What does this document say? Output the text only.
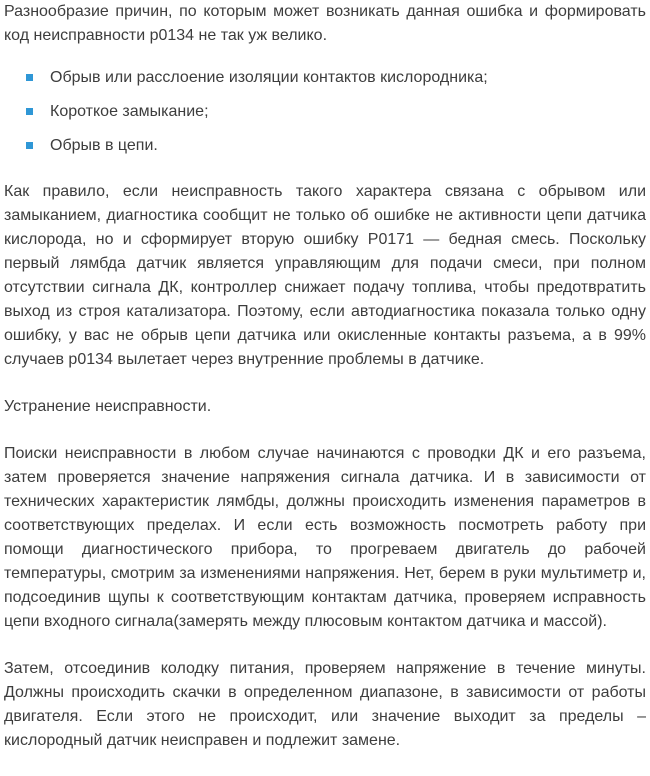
Разнообразие причин, по которым может возникать данная ошибка и формировать код неисправности p0134 не так уж велико.

Обрыв или расслоение изоляции контактов кислородника;
Короткое замыкание;
Обрыв в цепи.

Как правило, если неисправность такого характера связана с обрывом или замыканием, диагностика сообщит не только об ошибке не активности цепи датчика кислорода, но и сформирует вторую ошибку P0171 — бедная смесь. Поскольку первый лямбда датчик является управляющим для подачи смеси, при полном отсутствии сигнала ДК, контроллер снижает подачу топлива, чтобы предотвратить выход из строя катализатора. Поэтому, если автодиагностика показала только одну ошибку, у вас не обрыв цепи датчика или окисленные контакты разъема, а в 99% случаев p0134 вылетает через внутренние проблемы в датчике.

Устранение неисправности.

Поиски неисправности в любом случае начинаются с проводки ДК и его разъема, затем проверяется значение напряжения сигнала датчика. И в зависимости от технических характеристик лямбды, должны происходить изменения параметров в соответствующих пределах. И если есть возможность посмотреть работу при помощи диагностического прибора, то прогреваем двигатель до рабочей температуры, смотрим за изменениями напряжения. Нет, берем в руки мультиметр и, подсоединив щупы к соответствующим контактам датчика, проверяем исправность цепи входного сигнала(замерять между плюсовым контактом датчика и массой).

Затем, отсоединив колодку питания, проверяем напряжение в течение минуты. Должны происходить скачки в определенном диапазоне, в зависимости от работы двигателя. Если этого не происходит, или значение выходит за пределы – кислородный датчик неисправен и подлежит замене.
